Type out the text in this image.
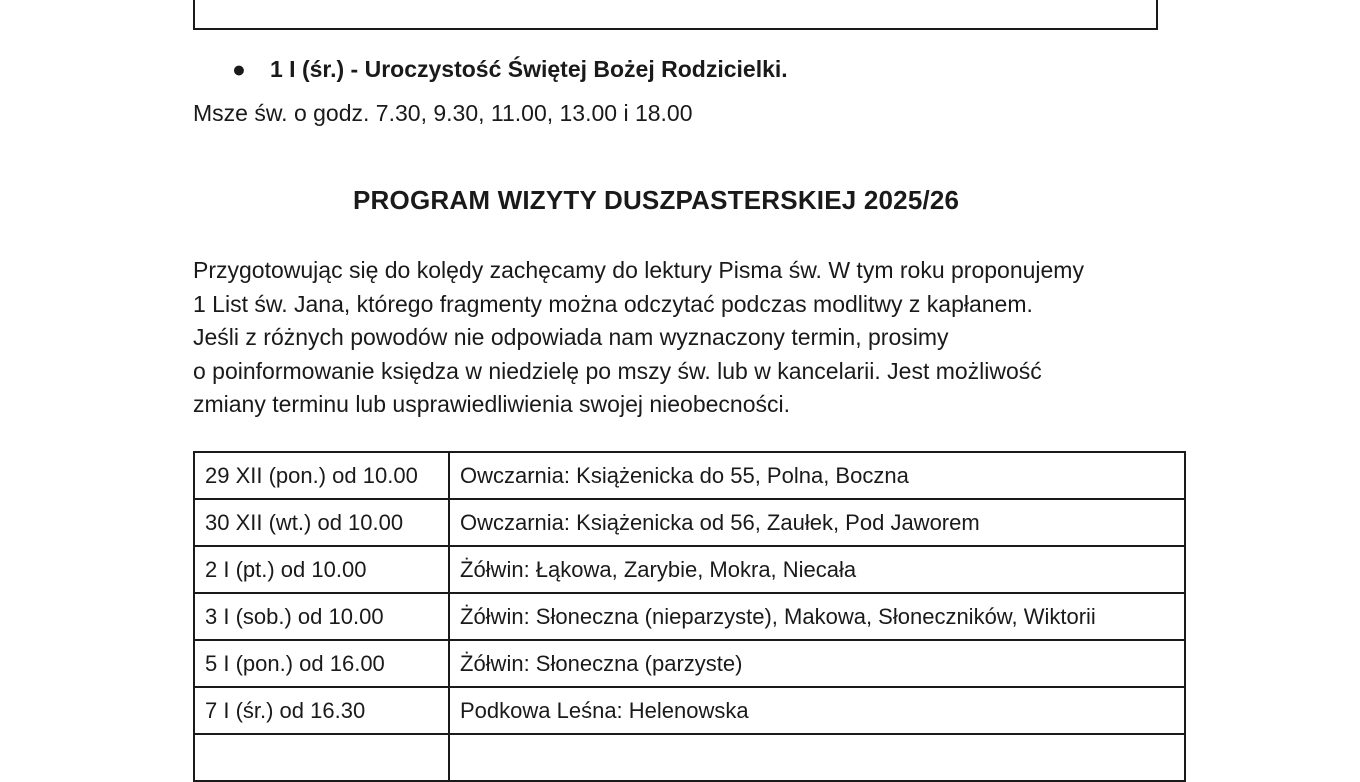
● 1 I (śr.) - Uroczystość Świętej Bożej Rodzicielki.
Msze św. o godz. 7.30, 9.30, 11.00, 13.00 i 18.00
PROGRAM WIZYTY DUSZPASTERSKIEJ 2025/26

Przygotowując się do kolędy zachęcamy do lektury Pisma św. W tym roku proponujemy

1 List św. Jana, którego fragmenty można odczytać podczas modlitwy z kapłanem.

Jeśli z różnych powodów nie odpowiada nam wyznaczony termin, prosimy

o poinformowanie księdza w niedzielę po mszy św. lub w kancelarii. Jest możliwość

zmiany terminu lub usprawiedliwienia swojej nieobecności.

29 XII (pon.) od 10.00	Owczarnia: Książenicka do 55, Polna, Boczna
30 XII (wt.) od 10.00	Owczarnia: Książenicka od 56, Zaułek, Pod Jaworem
2 I (pt.) od 10.00	Żółwin: Łąkowa, Zarybie, Mokra, Niecała
3 I (sob.) od 10.00	Żółwin: Słoneczna (nieparzyste), Makowa, Słoneczników, Wiktorii
5 I (pon.) od 16.00	Żółwin: Słoneczna (parzyste)
7 I (śr.) od 16.30	Podkowa Leśna: Helenowska
